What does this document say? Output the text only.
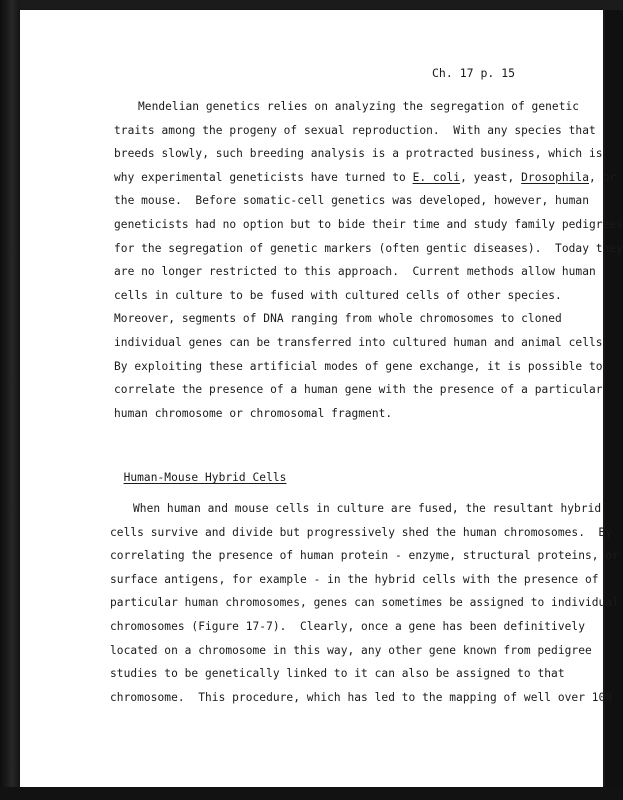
Ch. 17 p. 15
Mendelian genetics relies on analyzing the segregation of genetic
traits among the progeny of sexual reproduction.  With any species that
breeds slowly, such breeding analysis is a protracted business, which is
why experimental geneticists have turned to E. coli, yeast, Drosophila, or
the mouse.  Before somatic-cell genetics was developed, however, human
geneticists had no option but to bide their time and study family pedigrees
for the segregation of genetic markers (often gentic diseases).  Today they
are no longer restricted to this approach.  Current methods allow human
cells in culture to be fused with cultured cells of other species.
Moreover, segments of DNA ranging from whole chromosomes to cloned
individual genes can be transferred into cultured human and animal cells.
By exploiting these artificial modes of gene exchange, it is possible to
correlate the presence of a human gene with the presence of a particular
human chromosome or chromosomal fragment.

Human-Mouse Hybrid Cells

When human and mouse cells in culture are fused, the resultant hybrid
cells survive and divide but progressively shed the human chromosomes.  By
correlating the presence of human protein - enzyme, structural proteins, or
surface antigens, for example - in the hybrid cells with the presence of
particular human chromosomes, genes can sometimes be assigned to individual
chromosomes (Figure 17-7).  Clearly, once a gene has been definitively
located on a chromosome in this way, any other gene known from pedigree
studies to be genetically linked to it can also be assigned to that
chromosome.  This procedure, which has led to the mapping of well over 100
